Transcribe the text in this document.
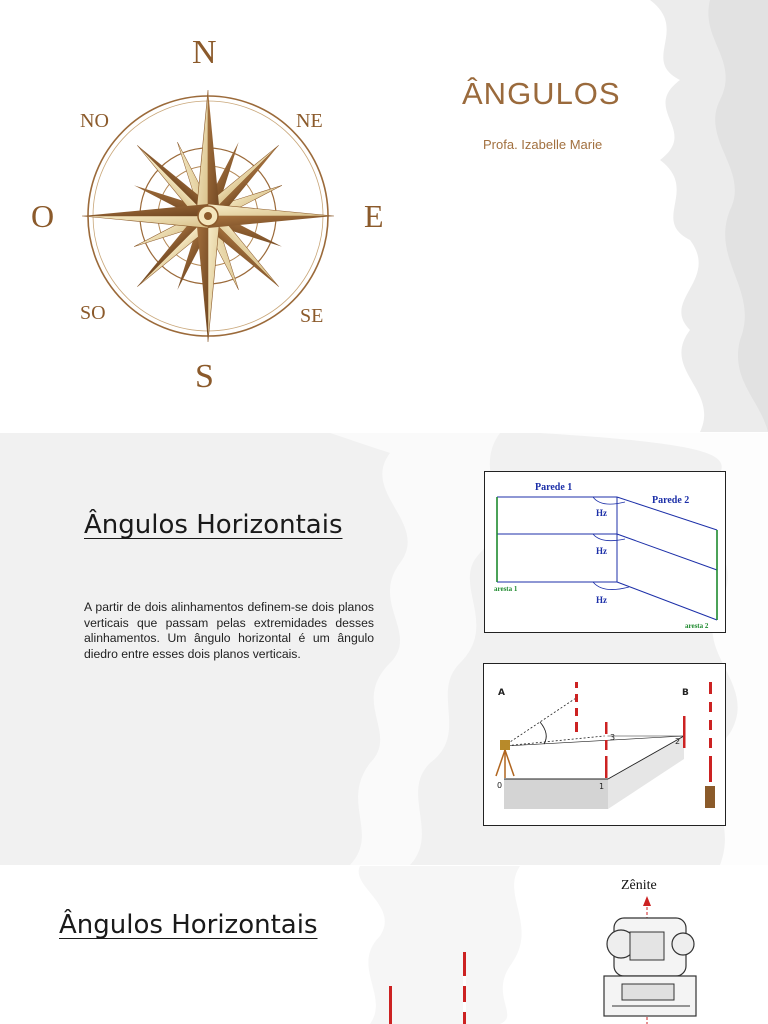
N
S
O	E
NO	NE
SO	SE
ÂNGULOS
Profa. Izabelle Marie
Ângulos Horizontais
A partir de dois alinhamentos definem-se dois planos verticais que passam pelas extremidades desses alinhamentos. Um ângulo horizontal é um ângulo diedro entre esses dois planos verticais.
Parede 1
Parede 2
Hz
Hz
Hz
aresta 1
aresta 2
A	B
0	1
2
3
Ângulos Horizontais
Zênite
